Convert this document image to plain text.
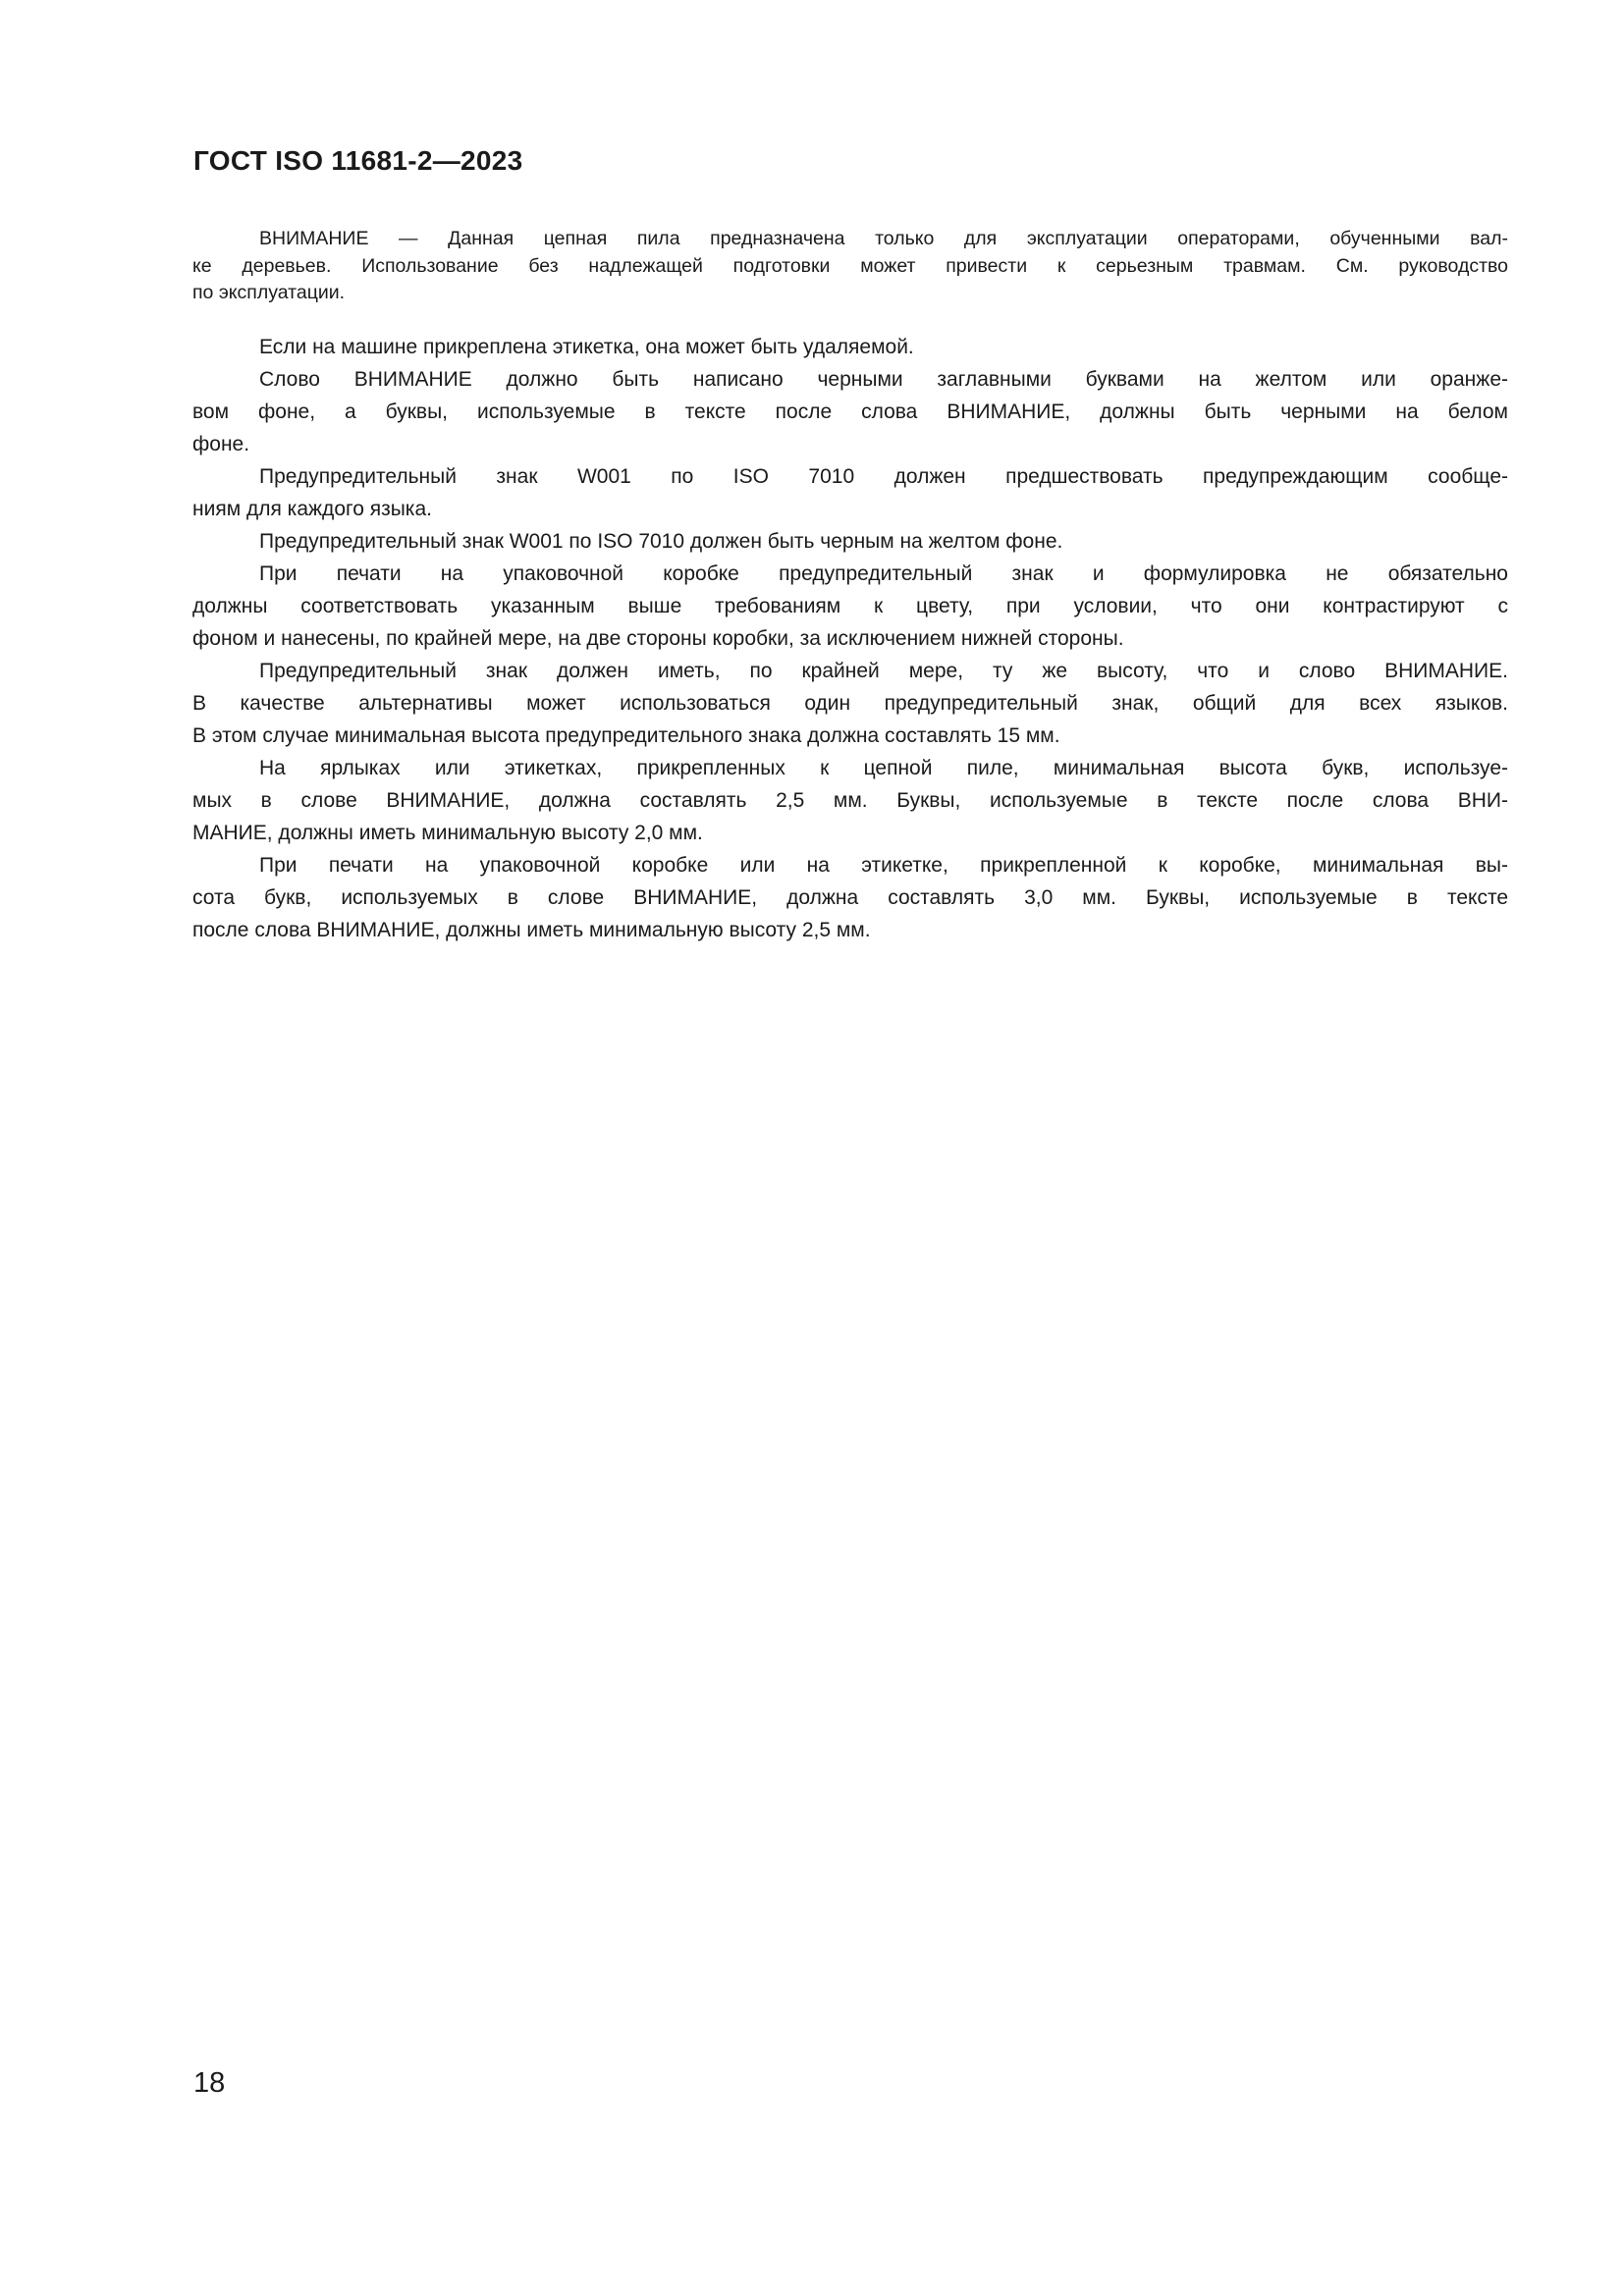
ГОСТ ISO 11681-2—2023
ВНИМАНИЕ — Данная цепная пила предназначена только для эксплуатации операторами, обученными вал-
ке деревьев. Использование без надлежащей подготовки может привести к серьезным травмам. См. руководство
по эксплуатации.
Если на машине прикреплена этикетка, она может быть удаляемой.
Слово ВНИМАНИЕ должно быть написано черными заглавными буквами на желтом или оранже-
вом фоне, а буквы, используемые в тексте после слова ВНИМАНИЕ, должны быть черными на белом
фоне.
Предупредительный знак W001 по ISO 7010 должен предшествовать предупреждающим сообще-
ниям для каждого языка.
Предупредительный знак W001 по ISO 7010 должен быть черным на желтом фоне.
При печати на упаковочной коробке предупредительный знак и формулировка не обязательно
должны соответствовать указанным выше требованиям к цвету, при условии, что они контрастируют с
фоном и нанесены, по крайней мере, на две стороны коробки, за исключением нижней стороны.
Предупредительный знак должен иметь, по крайней мере, ту же высоту, что и слово ВНИМАНИЕ.
В качестве альтернативы может использоваться один предупредительный знак, общий для всех языков.
В этом случае минимальная высота предупредительного знака должна составлять 15 мм.
На ярлыках или этикетках, прикрепленных к цепной пиле, минимальная высота букв, используе-
мых в слове ВНИМАНИЕ, должна составлять 2,5 мм. Буквы, используемые в тексте после слова ВНИ-
МАНИЕ, должны иметь минимальную высоту 2,0 мм.
При печати на упаковочной коробке или на этикетке, прикрепленной к коробке, минимальная вы-
сота букв, используемых в слове ВНИМАНИЕ, должна составлять 3,0 мм. Буквы, используемые в тексте
после слова ВНИМАНИЕ, должны иметь минимальную высоту 2,5 мм.
18
